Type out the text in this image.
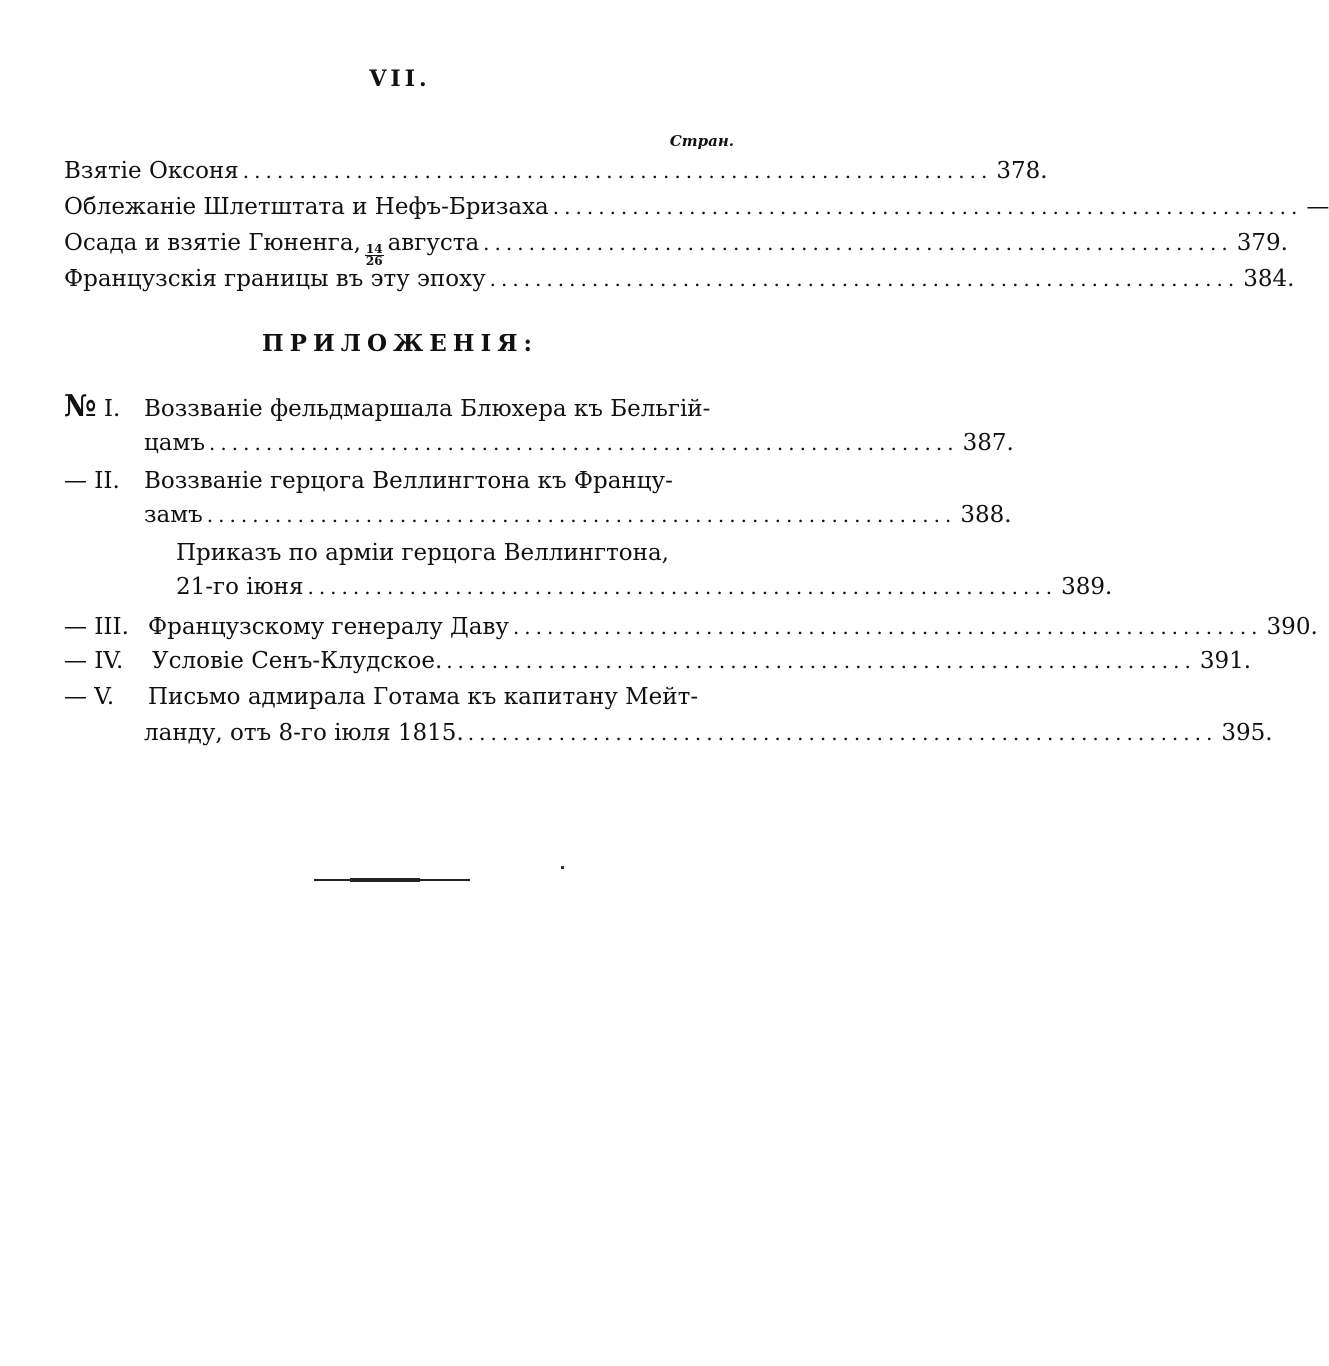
VII.
Стран.
Взятіе Оксоня .................................................................. 378.
Облежаніе Шлетштата и Нефъ-Бризаха .................................................................. —
Осада и взятіе Гюненга, $\frac{14}{26}$ августа .................................................................. 379.
Французскія границы въ эту эпоху .................................................................. 384.
ПРИЛОЖЕНІЯ:
№ I. Воззваніе фельдмаршала Блюхера къ Бельгій-
цамъ .................................................................. 387.
— II. Воззваніе герцога Веллингтона къ Францу-
замъ .................................................................. 388.
Приказъ по арміи герцога Веллингтона,
21-го іюня .................................................................. 389.
— III. Французскому генералу Даву .................................................................. 390.
— IV. Условіе Сенъ-Клудское. .................................................................. 391.
— V. Письмо адмирала Готама къ капитану Мейт-
ланду, отъ 8-го іюля 1815. .................................................................. 395.
